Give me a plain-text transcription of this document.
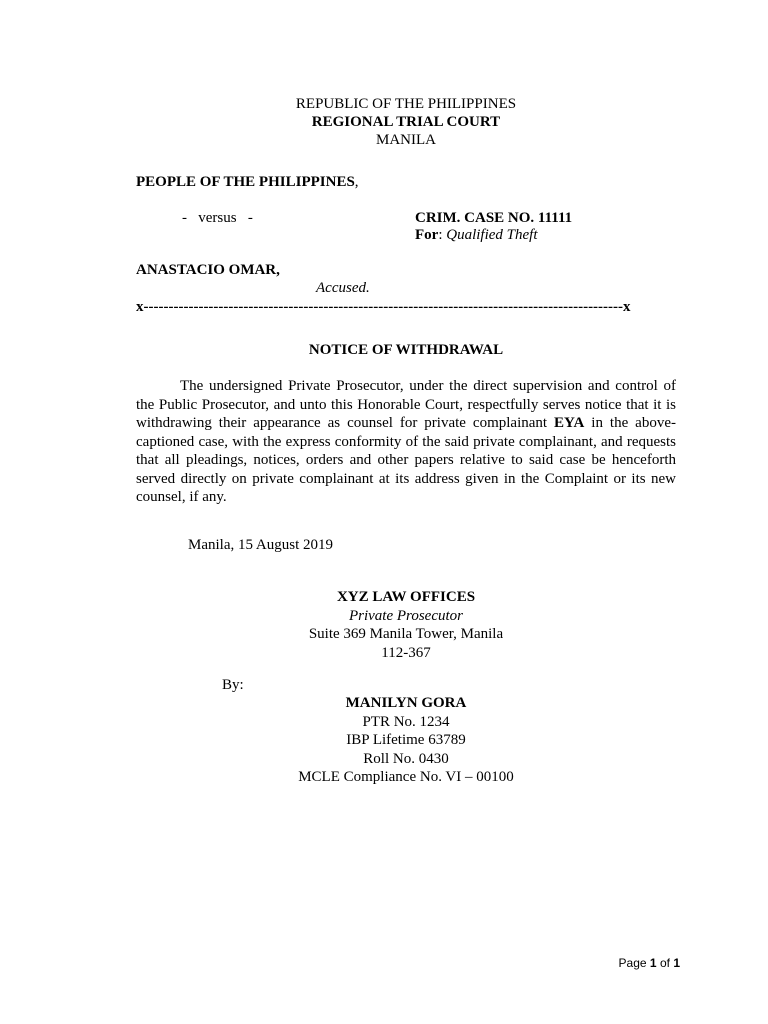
REPUBLIC OF THE PHILIPPINES
REGIONAL TRIAL COURT
MANILA
PEOPLE OF THE PHILIPPINES,
-   versus   -	CRIM. CASE NO. 11111
For: Qualified Theft
ANASTACIO OMAR,
Accused.
x------------------------------------------------------------------------------------------------x
NOTICE OF WITHDRAWAL
The undersigned Private Prosecutor, under the direct supervision and control of the Public Prosecutor, and unto this Honorable Court, respectfully serves notice that it is withdrawing their appearance as counsel for private complainant EYA in the above-captioned case, with the express conformity of the said private complainant, and requests that all pleadings, notices, orders and other papers relative to said case be henceforth served directly on private complainant at its address given in the Complaint or its new counsel, if any.
Manila, 15 August 2019
XYZ LAW OFFICES
Private Prosecutor
Suite 369 Manila Tower, Manila
112-367
By:
MANILYN GORA
PTR No. 1234
IBP Lifetime 63789
Roll No. 0430
MCLE Compliance No. VI – 00100
Page 1 of 1
